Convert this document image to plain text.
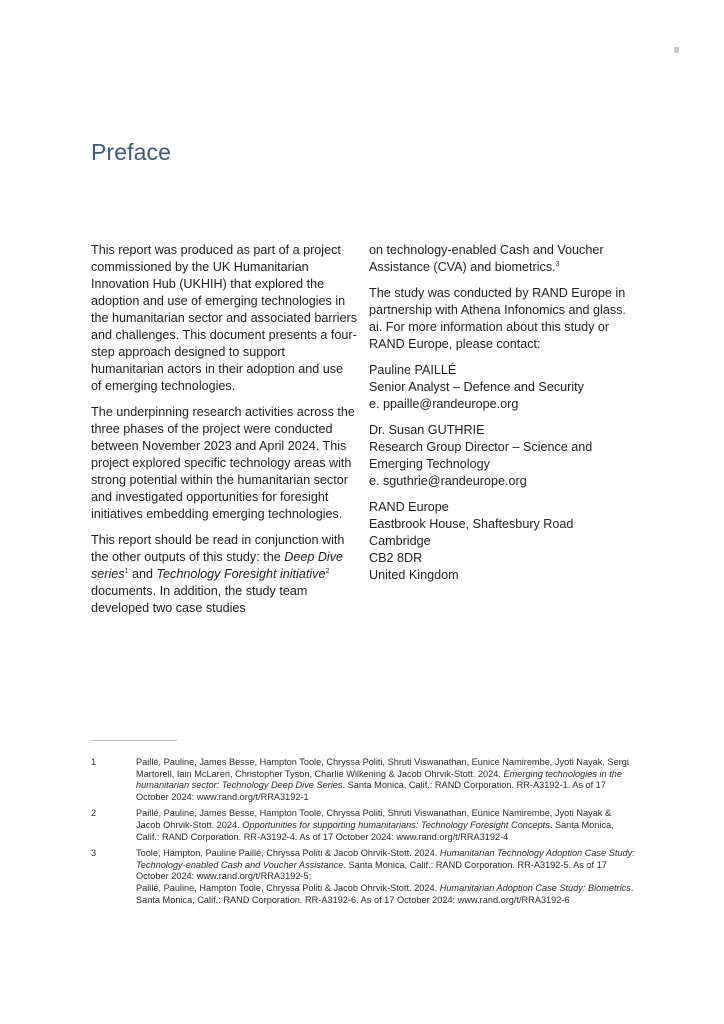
Preface

This report was produced as part of a project commissioned by the UK Humanitarian Innovation Hub (UKHIH) that explored the adoption and use of emerging technologies in the humanitarian sector and associated barriers and challenges. This document presents a four-step approach designed to support humanitarian actors in their adoption and use of emerging technologies.

The underpinning research activities across the three phases of the project were conducted between November 2023 and April 2024. This project explored specific technology areas with strong potential within the humanitarian sector and investigated opportunities for foresight initiatives embedding emerging technologies.

This report should be read in conjunction with the other outputs of this study: the Deep Dive series$^1$ and Technology Foresight initiative$^2$ documents. In addition, the study team developed two case studies

on technology-enabled Cash and Voucher Assistance (CVA) and biometrics.$^3$

The study was conducted by RAND Europe in partnership with Athena Infonomics and glass. ai. For more information about this study or RAND Europe, please contact:

Pauline PAILLÉ
Senior Analyst – Defence and Security
e. ppaille@randeurope.org
Dr. Susan GUTHRIE
Research Group Director – Science and Emerging Technology
e. sguthrie@randeurope.org
RAND Europe
Eastbrook House, Shaftesbury Road
Cambridge
CB2 8DR
United Kingdom
1	Paillé, Pauline, James Besse, Hampton Toole, Chryssa Politi, Shruti Viswanathan, Eunice Namirembe, Jyoti Nayak, Sergi Martorell, Iain McLaren, Christopher Tyson, Charlie Wilkening & Jacob Ohrvik-Stott. 2024. Emerging technologies in the humanitarian sector: Technology Deep Dive Series. Santa Monica, Calif.: RAND Corporation. RR-A3192-1. As of 17 October 2024: www.rand.org/t/RRA3192-1
2	Paillé, Pauline, James Besse, Hampton Toole, Chryssa Politi, Shruti Viswanathan, Eunice Namirembe, Jyoti Nayak & Jacob Ohrvik-Stott. 2024. Opportunities for supporting humanitarians: Technology Foresight Concepts. Santa Monica, Calif.: RAND Corporation. RR-A3192-4. As of 17 October 2024: www.rand.org/t/RRA3192-4
3	Toole, Hampton, Pauline Paillé, Chryssa Politi & Jacob Ohrvik-Stott. 2024. Humanitarian Technology Adoption Case Study: Technology-enabled Cash and Voucher Assistance. Santa Monica, Calif.: RAND Corporation. RR-A3192-5. As of 17 October 2024: www.rand.org/t/RRA3192-5;
Paillé, Pauline, Hampton Toole, Chryssa Politi & Jacob Ohrvik-Stott. 2024. Humanitarian Adoption Case Study: Biometrics. Santa Monica, Calif.: RAND Corporation. RR-A3192-6. As of 17 October 2024: www.rand.org/t/RRA3192-6
